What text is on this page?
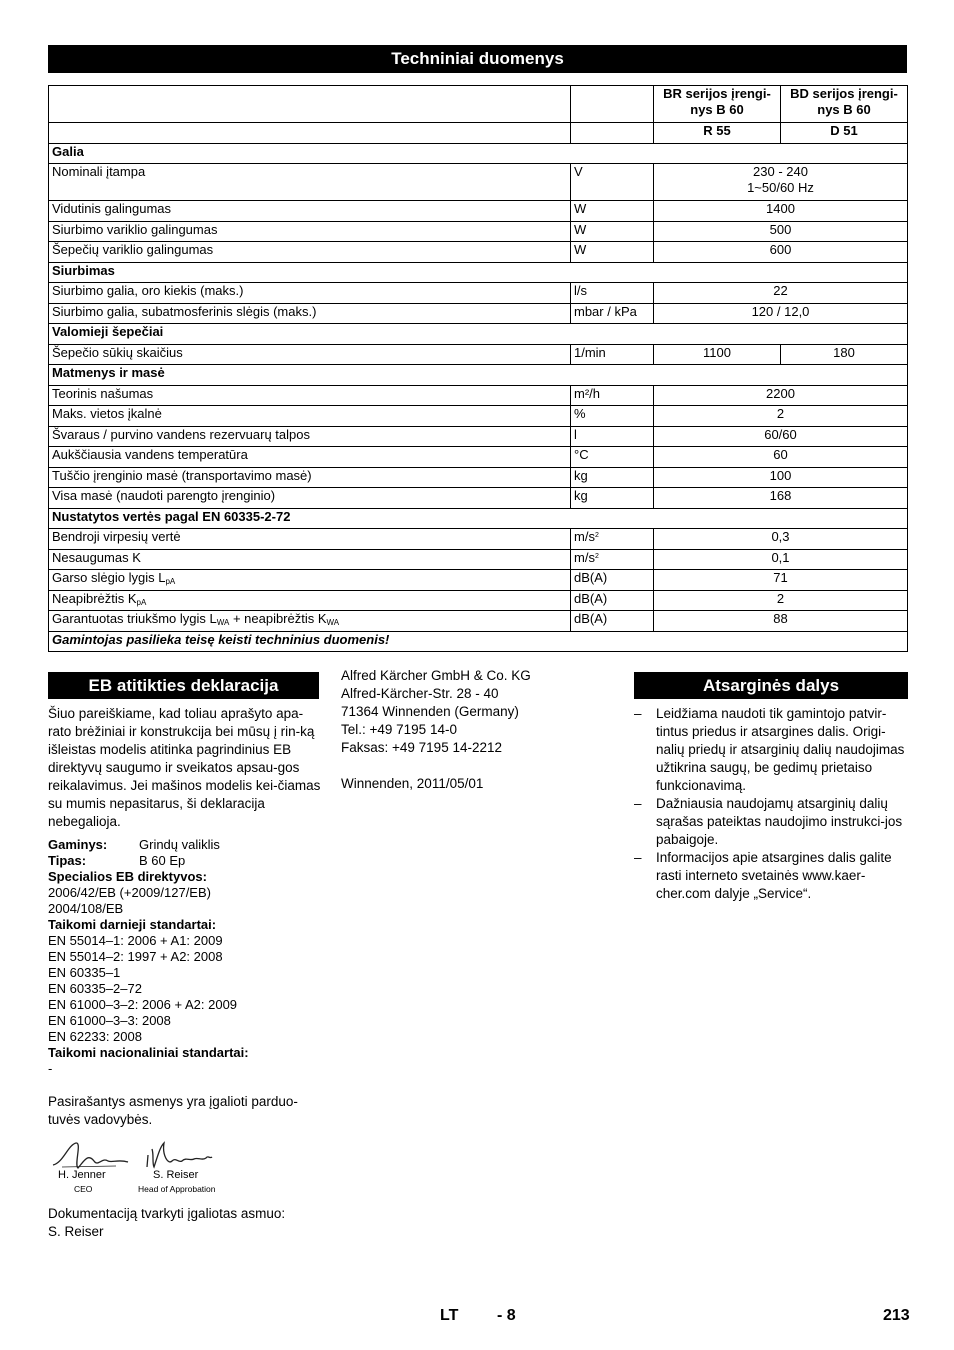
Techniniai duomenys
		BR serijos įrengi-nys B 60	BD serijos įrengi-nys B 60
		R 55	D 51
Galia			
Nominali įtampa	V	230 - 240
1~50/60 Hz	

Vidutinis galingumas	W	1400	
Siurbimo variklio galingumas	W	500	
Šepečių variklio galingumas	W	600	
Siurbimas			
Siurbimo galia, oro kiekis (maks.)	l/s	22	
Siurbimo galia, subatmosferinis slėgis (maks.)	mbar / kPa	120 / 12,0	
Valomieji šepečiai			
Šepečio sūkių skaičius	1/min	1100	180
Matmenys ir masė			
Teorinis našumas	m²/h	2200	
Maks. vietos įkalnė	%	2	
Švaraus / purvino vandens rezervuarų talpos	l	60/60	
Aukščiausia vandens temperatūra	°C	60	
Tuščio įrenginio masė (transportavimo masė)	kg	100	
Visa masė (naudoti parengto įrenginio)	kg	168	
Nustatytos vertės pagal EN 60335-2-72			
Bendroji virpesių vertė	$m/s^2$	0,3	
Nesaugumas K	$m/s^2$	0,1	
Garso slėgio lygis $L_{pA}$	dB(A)	71	
Neapibrėžtis $K_{pA}$	dB(A)	2	
Garantuotas triukšmo lygis $L_{WA}$ + neapibrėžtis $K_{WA}$	dB(A)	88	
Gamintojas pasilieka teisę keisti techninius duomenis!			
EB atitikties deklaracija

Šiuo pareiškiame, kad toliau aprašyto apa-rato brėžiniai ir konstrukcija bei mūsų į rin-ką išleistas modelis atitinka pagrindinius EB direktyvų saugumo ir sveikatos apsau-gos reikalavimus. Jei mašinos modelis kei-čiamas su mumis nepasitarus, ši deklaracija nebegalioja.

Gaminys:	Grindų valiklis
Tipas:	B 60 Ep
Specialios EB direktyvos:
2006/42/EB (+2009/127/EB)
2004/108/EB
Taikomi darnieji standartai:
EN 55014–1: 2006 + A1: 2009
EN 55014–2: 1997 + A2: 2008
EN 60335–1
EN 60335–2–72
EN 61000–3–2: 2006 + A2: 2009
EN 61000–3–3: 2008
EN 62233: 2008
Taikomi nacionaliniai standartai:
-

Pasirašantys asmenys yra įgalioti parduo-tuvės vadovybės.

H. Jenner
CEO
S. Reiser
Head of Approbation
Dokumentaciją tvarkyti įgaliotas asmuo:
S. Reiser
Alfred Kärcher GmbH & Co. KG
Alfred-Kärcher-Str. 28 - 40
71364 Winnenden (Germany)
Tel.: +49 7195 14-0
Faksas: +49 7195 14-2212
Winnenden, 2011/05/01
Atsarginės dalys
– Leidžiama naudoti tik gamintojo patvir-tintus priedus ir atsargines dalis. Origi-nalių priedų ir atsarginių dalių naudojimas užtikrina saugų, be gedimų prietaiso funkcionavimą.
– Dažniausia naudojamų atsarginių dalių sąrašas pateiktas naudojimo instrukci-jos pabaigoje.
– Informacijos apie atsargines dalis galite rasti interneto svetainės www.kaer-cher.com dalyje „Service“.
LT - 8	213
